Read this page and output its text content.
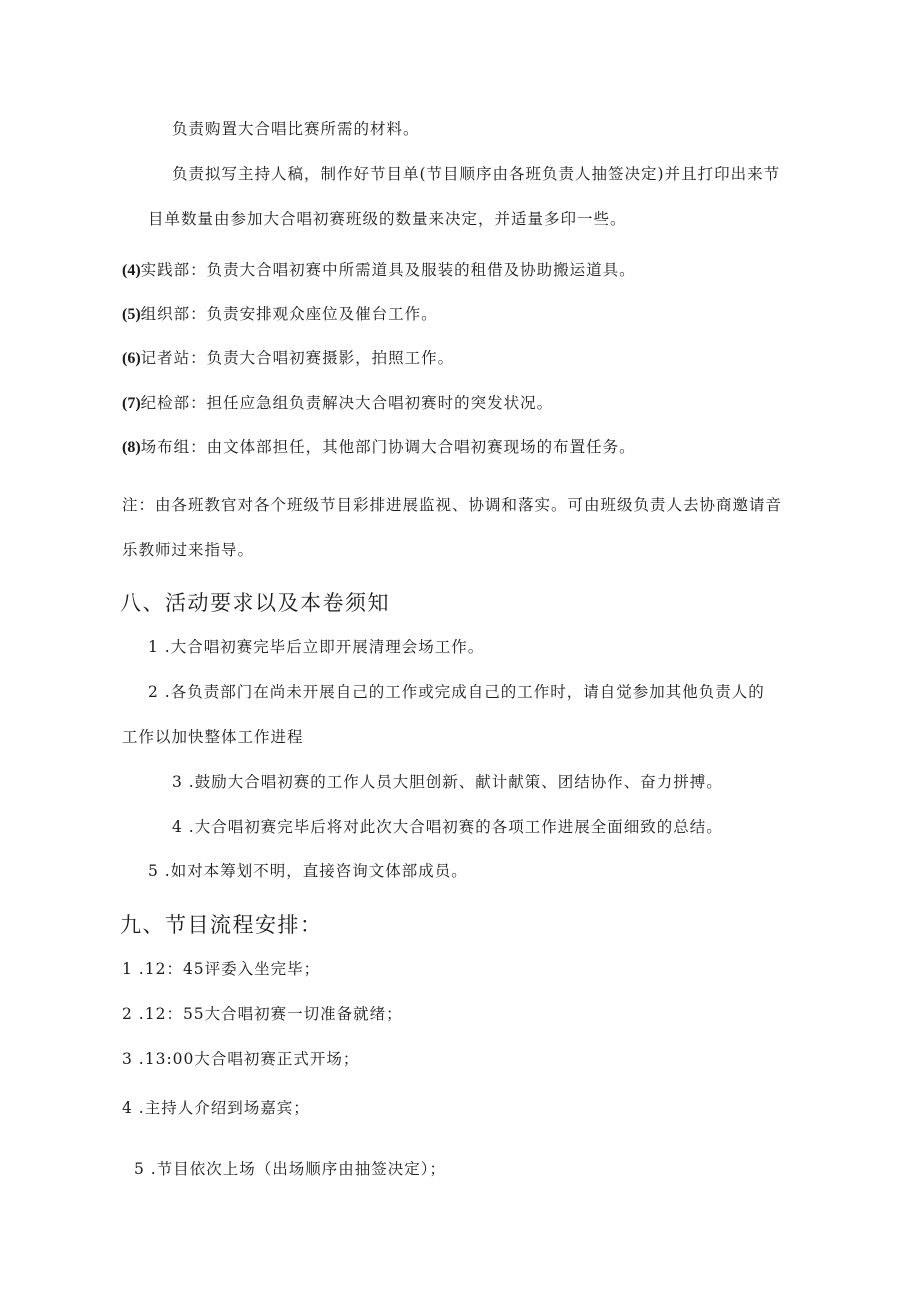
负责购置大合唱比赛所需的材料。
负责拟写主持人稿，制作好节目单(节目顺序由各班负责人抽签决定)并且打印出来节
目单数量由参加大合唱初赛班级的数量来决定，并适量多印一些。
(4)实践部：负责大合唱初赛中所需道具及服装的租借及协助搬运道具。
(5)组织部：负责安排观众座位及催台工作。
(6)记者站：负责大合唱初赛摄影，拍照工作。
(7)纪检部：担任应急组负责解决大合唱初赛时的突发状况。
(8)场布组：由文体部担任，其他部门协调大合唱初赛现场的布置任务。
注：由各班教官对各个班级节目彩排进展监视、协调和落实。可由班级负责人去协商邀请音
乐教师过来指导。
八、活动要求以及本卷须知
1 .大合唱初赛完毕后立即开展清理会场工作。
2 .各负责部门在尚未开展自己的工作或完成自己的工作时，请自觉参加其他负责人的
工作以加快整体工作进程
3 .鼓励大合唱初赛的工作人员大胆创新、献计献策、团结协作、奋力拼搏。
4 .大合唱初赛完毕后将对此次大合唱初赛的各项工作进展全面细致的总结。
5 .如对本筹划不明，直接咨询文体部成员。
九、节目流程安排：
1 .12：45评委入坐完毕；
2 .12：55大合唱初赛一切准备就绪；
3 .13:00大合唱初赛正式开场；
4 .主持人介绍到场嘉宾；
5 .节目依次上场（出场顺序由抽签决定）；
